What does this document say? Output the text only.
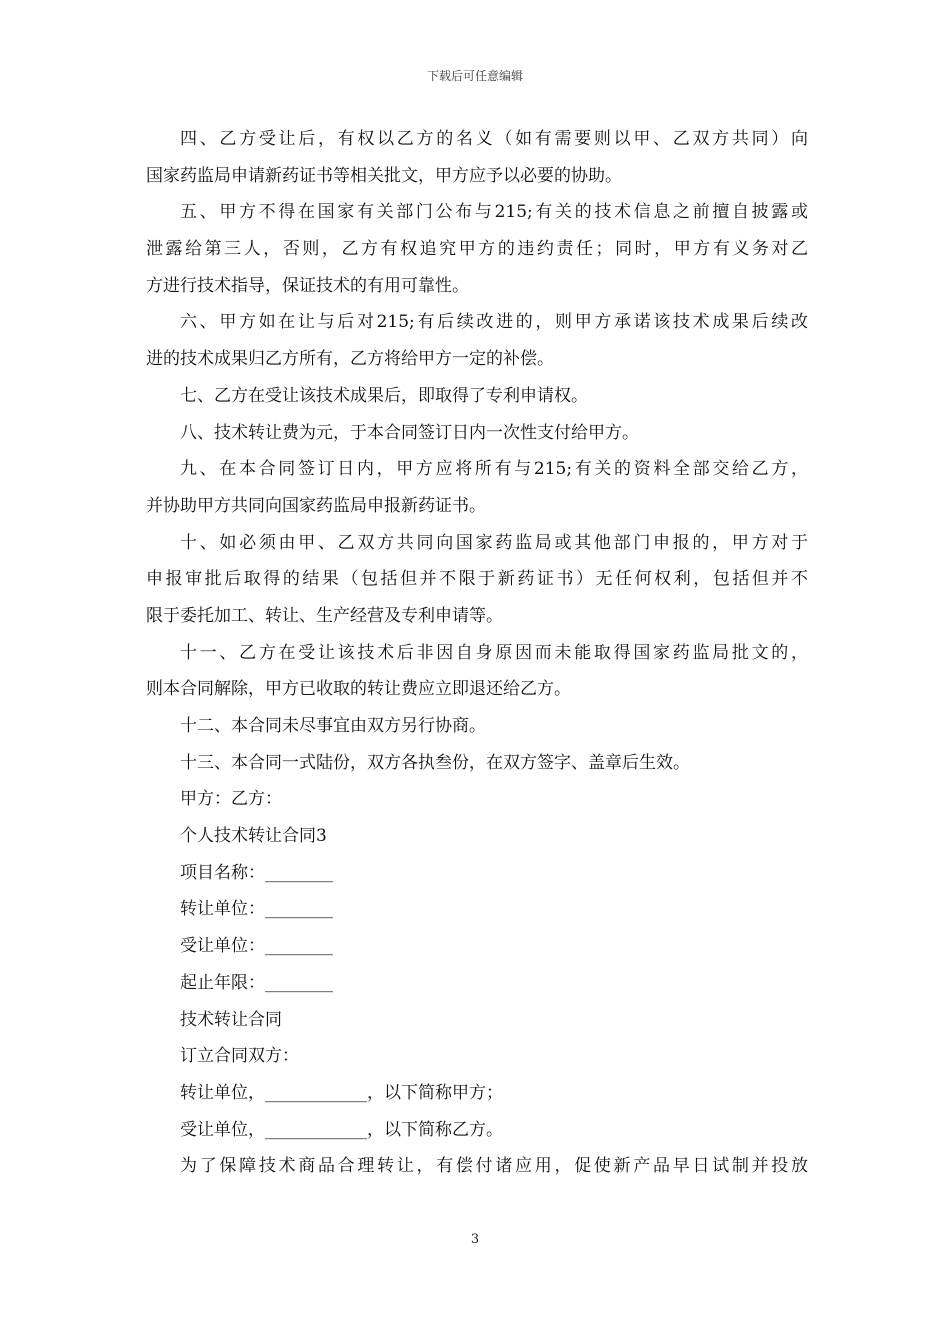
下载后可任意编辑
四、乙方受让后，有权以乙方的名义（如有需要则以甲、乙双方共同）向
国家药监局申请新药证书等相关批文，甲方应予以必要的协助。
五、甲方不得在国家有关部门公布与215;有关的技术信息之前擅自披露或
泄露给第三人，否则，乙方有权追究甲方的违约责任；同时，甲方有义务对乙
方进行技术指导，保证技术的有用可靠性。
六、甲方如在让与后对215;有后续改进的，则甲方承诺该技术成果后续改
进的技术成果归乙方所有，乙方将给甲方一定的补偿。
七、乙方在受让该技术成果后，即取得了专利申请权。
八、技术转让费为元，于本合同签订日内一次性支付给甲方。
九、在本合同签订日内，甲方应将所有与215;有关的资料全部交给乙方，
并协助甲方共同向国家药监局申报新药证书。
十、如必须由甲、乙双方共同向国家药监局或其他部门申报的，甲方对于
申报审批后取得的结果（包括但并不限于新药证书）无任何权利，包括但并不
限于委托加工、转让、生产经营及专利申请等。
十一、乙方在受让该技术后非因自身原因而未能取得国家药监局批文的，
则本合同解除，甲方已收取的转让费应立即退还给乙方。
十二、本合同未尽事宜由双方另行协商。
十三、本合同一式陆份，双方各执叁份，在双方签字、盖章后生效。
甲方：乙方：
个人技术转让合同3
项目名称：________
转让单位：________
受让单位：________
起止年限：________
技术转让合同
订立合同双方：
转让单位，____________，以下简称甲方；
受让单位，____________，以下简称乙方。
为了保障技术商品合理转让，有偿付诸应用，促使新产品早日试制并投放
3
